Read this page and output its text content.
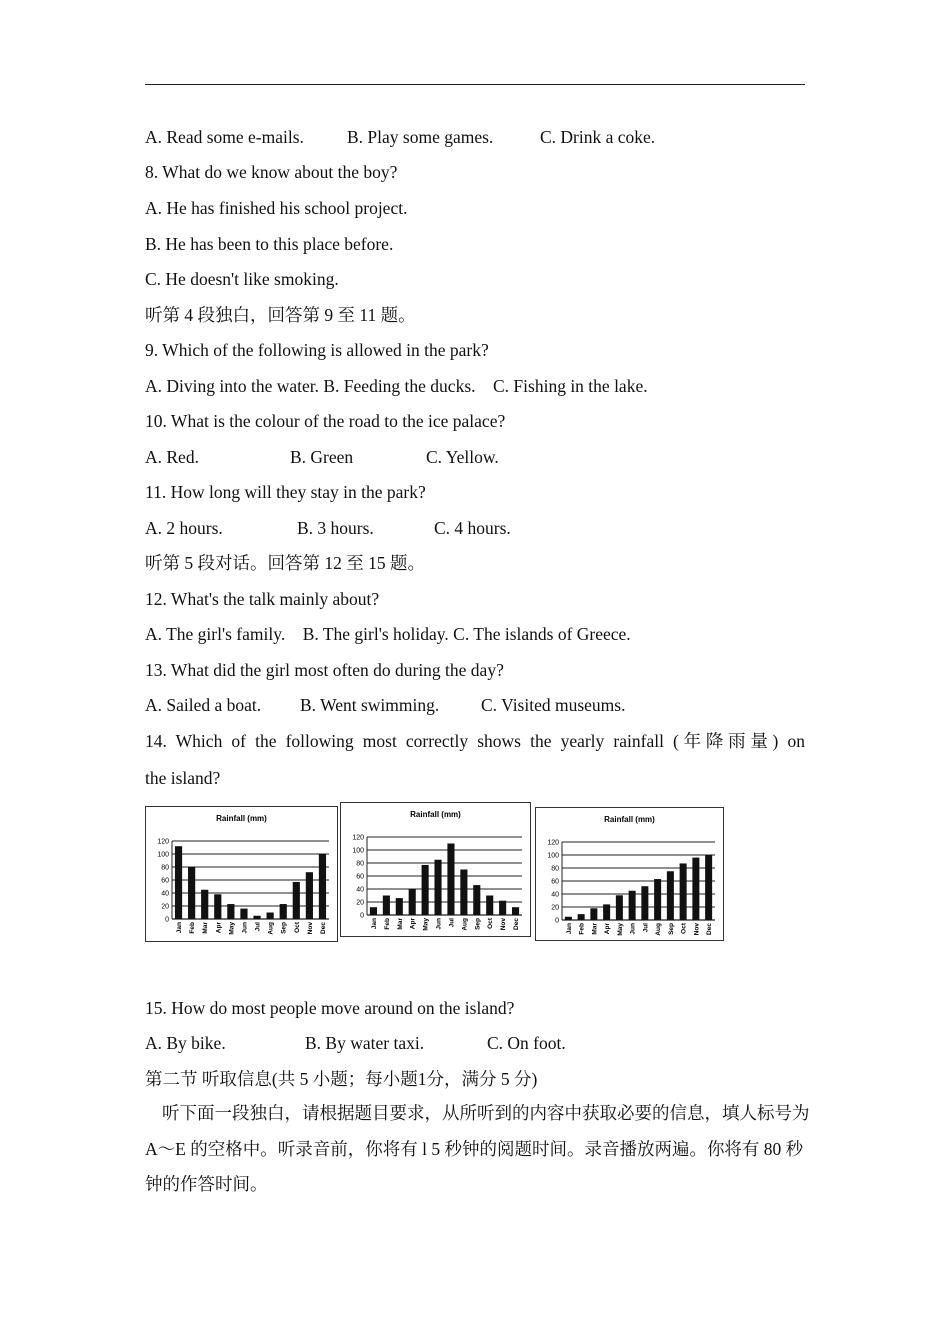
A. Read some e-mails. B. Play some games.	C. Drink a coke.
8. What do we know about the boy?
A. He has finished his school project.
B. He has been to this place before.
C. He doesn't like smoking.
听第 4 段独白，回答第 9 至 11 题。
9. Which of the following is allowed in the park?
A. Diving into the water. B. Feeding the ducks.    C. Fishing in the lake.
10. What is the colour of the road to the ice palace?
A. Red.	B. Green	C. Yellow.
11. How long will they stay in the park?
A. 2 hours.	B. 3 hours.	C. 4 hours.
听第 5 段对话。回答第 12 至 15 题。
12. What's the talk mainly about?
A. The girl's family.    B. The girl's holiday. C. The islands of Greece.
13. What did the girl most often do during the day?
A. Sailed a boat. B. Went swimming. C. Visited museums.
14. Which of the following most correctly shows the yearly rainfall (年降雨量) on
the island?
Rainfall (mm)
0
20
40
60
80
100
120
Jan Feb Mar Apr May Jun Jul Aug Sep Oct Nov Dec
Rainfall (mm)
0
20
40
60
80
100
120
Jan Feb Mar Apr May Jun Jul Aug Sep Oct Nov Dec
Rainfall (mm)
0
20
40
60
80
100
120
Jan Feb Mar Apr May Jun Jul Aug Sep Oct Nov Dec
15. How do most people move around on the island?
A. By bike.	B. By water taxi.	C. On foot.
第二节 听取信息(共 5 小题；每小题1分，满分 5 分)
听下面一段独白，请根据题目要求，从所听到的内容中获取必要的信息，填人标号为 A～E 的空格中。听录音前，你将有 l 5 秒钟的阅题时间。录音播放两遍。你将有 80 秒钟的作答时间。
